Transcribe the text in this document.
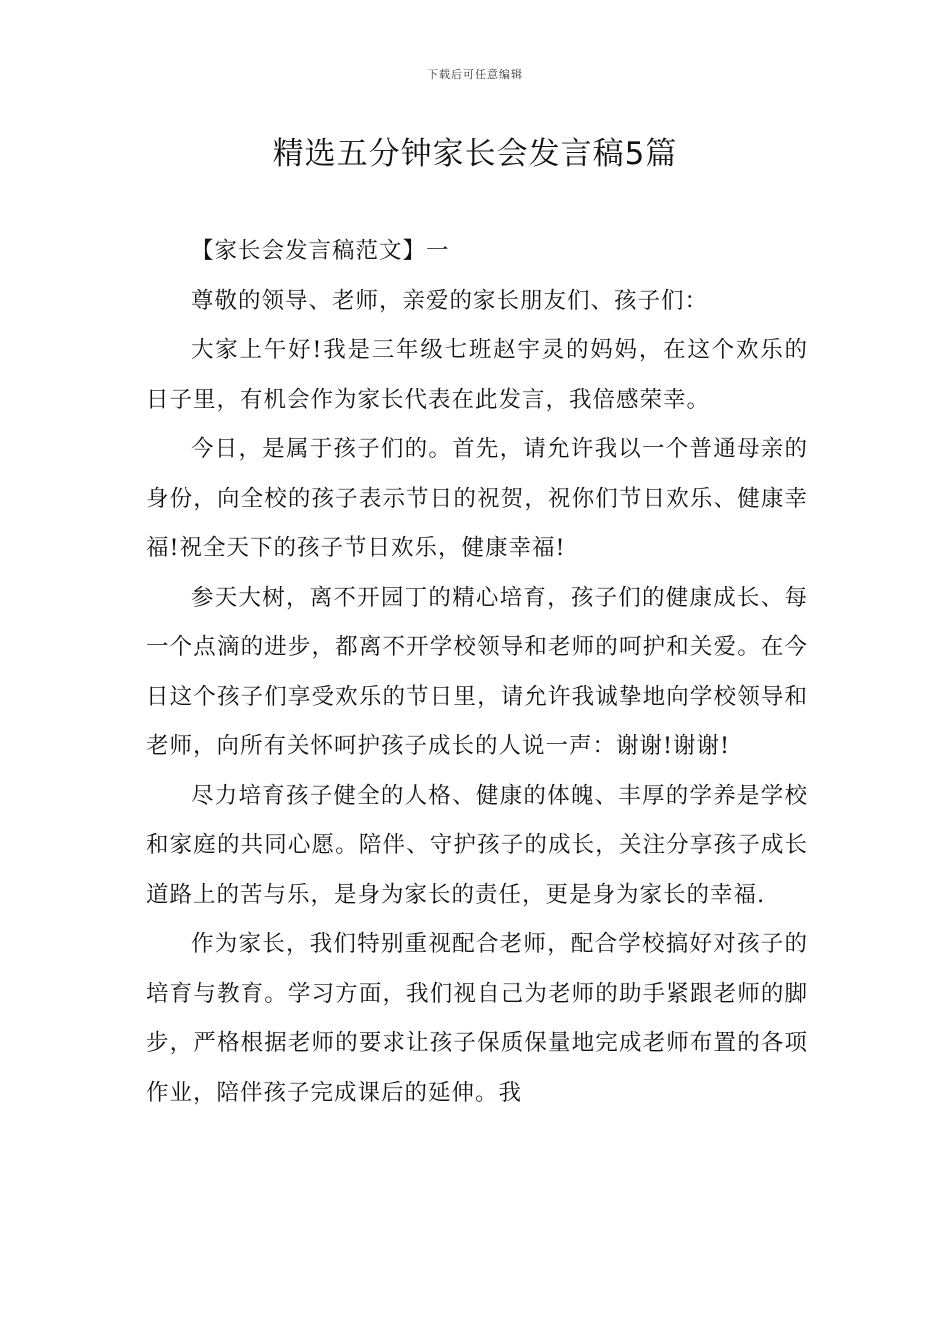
下载后可任意编辑
精选五分钟家长会发言稿5篇

【家长会发言稿范文】一

尊敬的领导、老师，亲爱的家长朋友们、孩子们：

大家上午好!我是三年级七班赵宇灵的妈妈，在这个欢乐的日子里，有机会作为家长代表在此发言，我倍感荣幸。

今日，是属于孩子们的。首先，请允许我以一个普通母亲的身份，向全校的孩子表示节日的祝贺，祝你们节日欢乐、健康幸福!祝全天下的孩子节日欢乐，健康幸福!

参天大树，离不开园丁的精心培育，孩子们的健康成长、每一个点滴的进步，都离不开学校领导和老师的呵护和关爱。在今日这个孩子们享受欢乐的节日里，请允许我诚挚地向学校领导和老师，向所有关怀呵护孩子成长的人说一声：谢谢!谢谢!

尽力培育孩子健全的人格、健康的体魄、丰厚的学养是学校和家庭的共同心愿。陪伴、守护孩子的成长，关注分享孩子成长道路上的苦与乐，是身为家长的责任，更是身为家长的幸福.

作为家长，我们特别重视配合老师，配合学校搞好对孩子的培育与教育。学习方面，我们视自己为老师的助手紧跟老师的脚步，严格根据老师的要求让孩子保质保量地完成老师布置的各项作业，陪伴孩子完成课后的延伸。我
